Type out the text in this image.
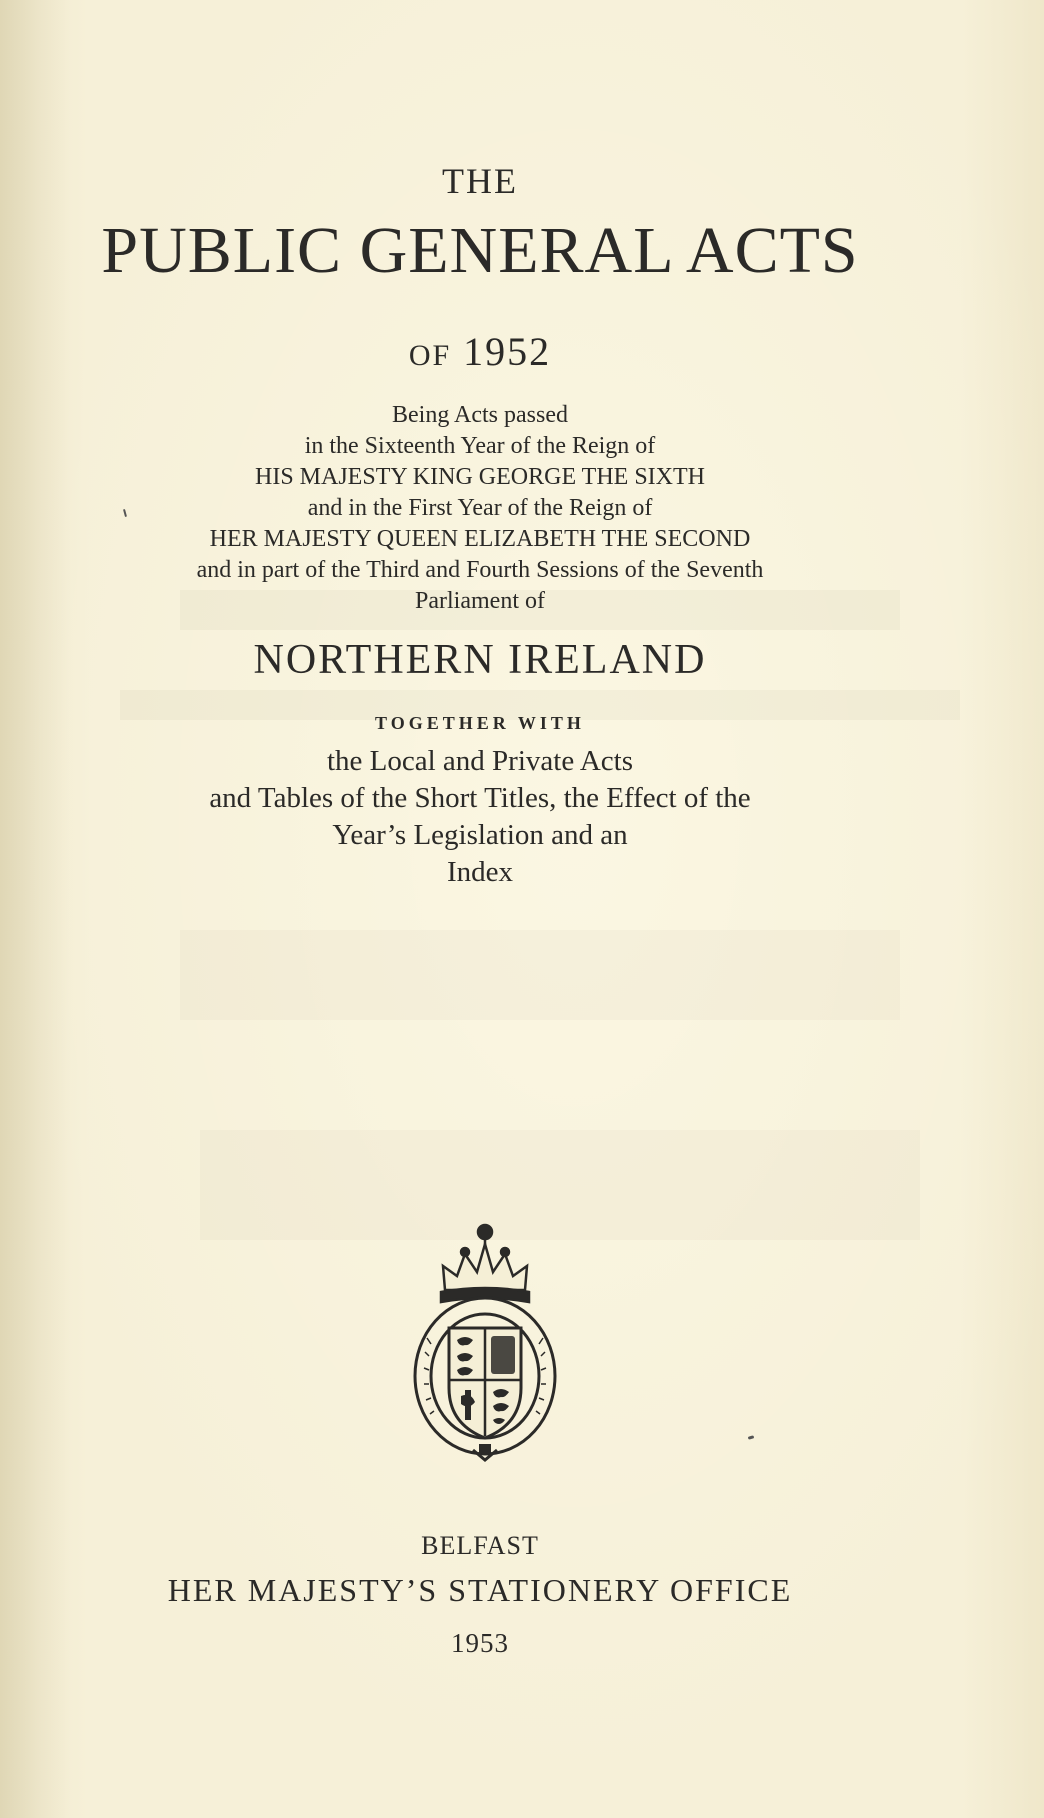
THE
PUBLIC GENERAL ACTS
OF 1952
Being Acts passed
in the Sixteenth Year of the Reign of
HIS MAJESTY KING GEORGE THE SIXTH
and in the First Year of the Reign of
HER MAJESTY QUEEN ELIZABETH THE SECOND
and in part of the Third and Fourth Sessions of the Seventh
Parliament of
NORTHERN IRELAND
TOGETHER WITH
the Local and Private Acts
and Tables of the Short Titles, the Effect of the
Year’s Legislation and an
Index
BELFAST
HER MAJESTY’S STATIONERY OFFICE
1953
